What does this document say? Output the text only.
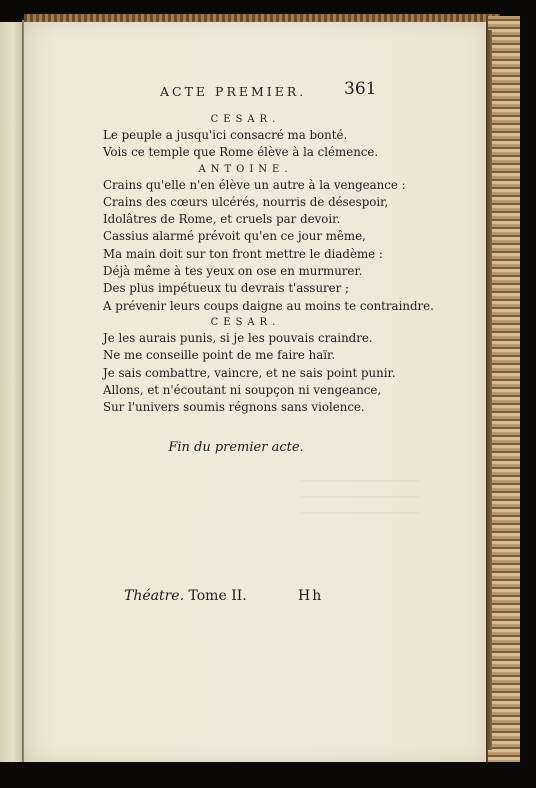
ACTE PREMIER. 361
CESAR.
Le peuple a jusqu'ici consacré ma bonté.
Vois ce temple que Rome élève à la clémence.
ANTOINE.
Crains qu'elle n'en élève un autre à la vengeance :
Crains des cœurs ulcérés, nourris de désespoir,
Idolâtres de Rome, et cruels par devoir.
Cassius alarmé prévoit qu'en ce jour même,
Ma main doit sur ton front mettre le diadème :
Déjà même à tes yeux on ose en murmurer.
Des plus impétueux tu devrais t'assurer ;
A prévenir leurs coups daigne au moins te contraindre.
CESAR.
Je les aurais punis, si je les pouvais craindre.
Ne me conseille point de me faire haïr.
Je sais combattre, vaincre, et ne sais point punir.
Allons, et n'écoutant ni soupçon ni vengeance,
Sur l'univers soumis régnons sans violence.
Fin du premier acte.
Théatre. Tome II.	Hh
